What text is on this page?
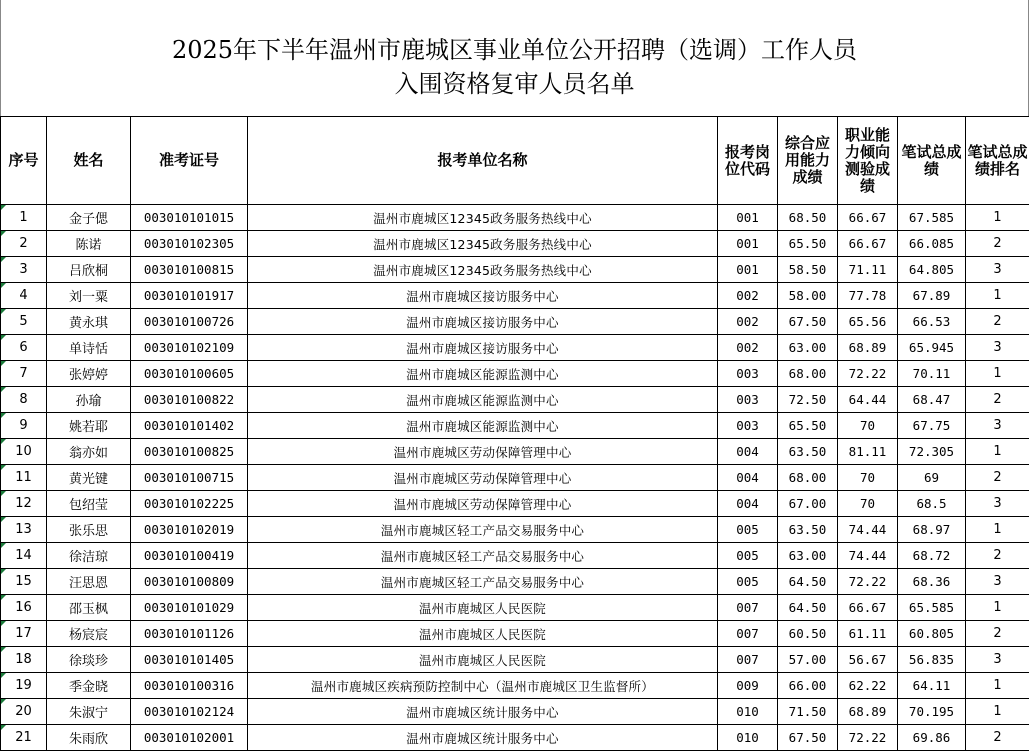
2025年下半年温州市鹿城区事业单位公开招聘（选调）工作人员
入围资格复审人员名单
序号	姓名	准考证号	报考单位名称	报考岗位代码	综合应用能力成绩	职业能力倾向测验成绩	笔试总成绩	笔试总成绩排名
1	金子偲	003010101015	温州市鹿城区12345政务服务热线中心	001	68.50	66.67	67.585	1
2	陈诺	003010102305	温州市鹿城区12345政务服务热线中心	001	65.50	66.67	66.085	2
3	吕欣桐	003010100815	温州市鹿城区12345政务服务热线中心	001	58.50	71.11	64.805	3
4	刘一粟	003010101917	温州市鹿城区接访服务中心	002	58.00	77.78	67.89	1
5	黄永琪	003010100726	温州市鹿城区接访服务中心	002	67.50	65.56	66.53	2
6	单诗恬	003010102109	温州市鹿城区接访服务中心	002	63.00	68.89	65.945	3
7	张婷婷	003010100605	温州市鹿城区能源监测中心	003	68.00	72.22	70.11	1
8	孙瑜	003010100822	温州市鹿城区能源监测中心	003	72.50	64.44	68.47	2
9	姚若耶	003010101402	温州市鹿城区能源监测中心	003	65.50	70	67.75	3
10	翁亦如	003010100825	温州市鹿城区劳动保障管理中心	004	63.50	81.11	72.305	1
11	黄光键	003010100715	温州市鹿城区劳动保障管理中心	004	68.00	70	69	2
12	包绍莹	003010102225	温州市鹿城区劳动保障管理中心	004	67.00	70	68.5	3
13	张乐思	003010102019	温州市鹿城区轻工产品交易服务中心	005	63.50	74.44	68.97	1
14	徐洁琼	003010100419	温州市鹿城区轻工产品交易服务中心	005	63.00	74.44	68.72	2
15	汪思恩	003010100809	温州市鹿城区轻工产品交易服务中心	005	64.50	72.22	68.36	3
16	邵玉枫	003010101029	温州市鹿城区人民医院	007	64.50	66.67	65.585	1
17	杨宸宸	003010101126	温州市鹿城区人民医院	007	60.50	61.11	60.805	2
18	徐琰珍	003010101405	温州市鹿城区人民医院	007	57.00	56.67	56.835	3
19	季金晓	003010100316	温州市鹿城区疾病预防控制中心（温州市鹿城区卫生监督所）	009	66.00	62.22	64.11	1
20	朱淑宁	003010102124	温州市鹿城区统计服务中心	010	71.50	68.89	70.195	1
21	朱雨欣	003010102001	温州市鹿城区统计服务中心	010	67.50	72.22	69.86	2
